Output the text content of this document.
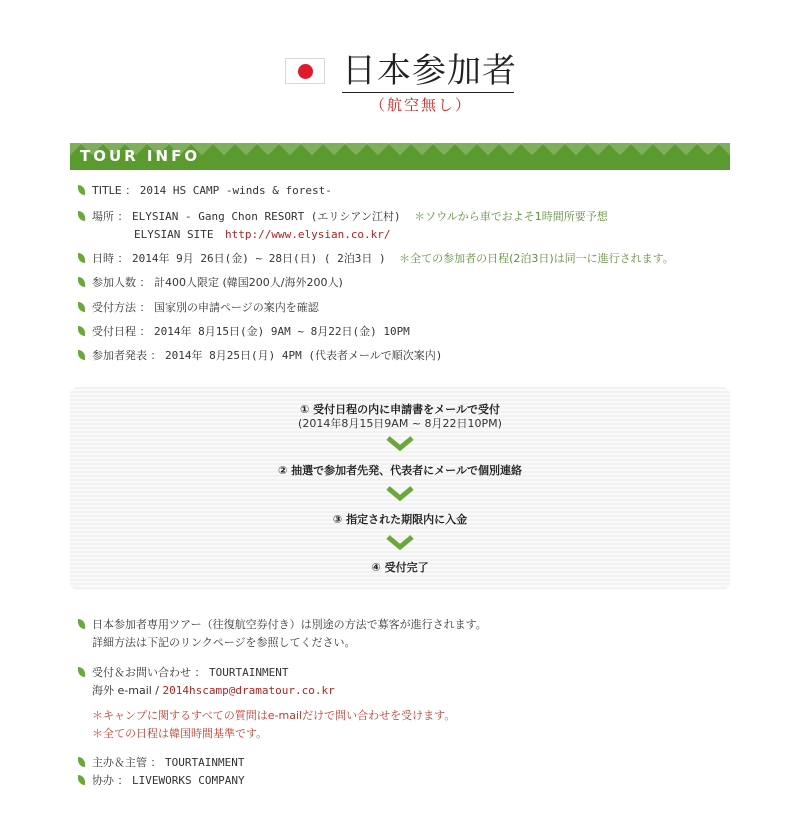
日本参加者
（航空無し）
TOUR INFO
TITLE ： 2014 HS CAMP -winds & forest-
場所 ： ELYSIAN - Gang Chon RESORT (エリシアン江村) ＊ソウルから車でおよそ1時間所要予想
ELYSIAN SITE http://www.elysian.co.kr/
日時 ： 2014年 9月 26日(金) ~ 28日(日) ( 2泊3日 ) ＊全ての参加者の日程(2泊3日)は同一に進行されます。
参加人数 ： 計400人限定 (韓国200人/海外200人)
受付方法 ： 国家別の申請ページの案内を確認
受付日程 ： 2014年 8月15日(金) 9AM ~ 8月22日(金) 10PM
参加者発表 ： 2014年 8月25日(月) 4PM (代表者メールで順次案内)
① 受付日程の内に申請書をメールで受付
(2014年8月15日9AM ~ 8月22日10PM)
② 抽選で参加者先発、代表者にメールで個別連絡
③ 指定された期限内に入金
④ 受付完了
日本参加者専用ツアー（往復航空券付き）は別途の方法で募客が進行されます。
詳細方法は下記のリンクページを参照してください。
受付＆お問い合わせ ： TOURTAINMENT
海外 e-mail / 2014hscamp@dramatour.co.kr
＊キャンプに関するすべての質問はe-mailだけで問い合わせを受けます。
＊全ての日程は韓国時間基準です。
主办＆主管 ： TOURTAINMENT
协办 ： LIVEWORKS COMPANY
